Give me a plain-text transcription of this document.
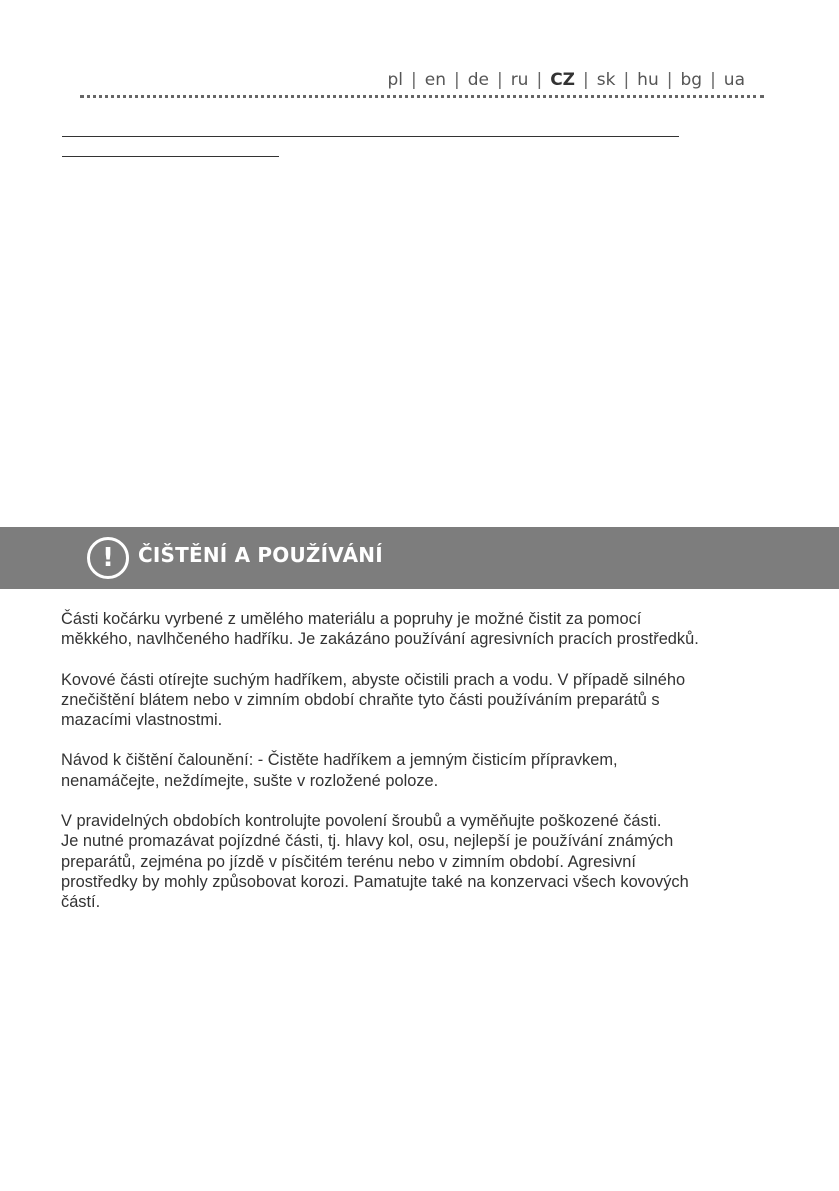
pl | en | de | ru | CZ | sk | hu | bg | ua
!	ČIŠTĚNÍ A POUŽÍVÁNÍ

Části kočárku vyrbené z umělého materiálu a popruhy je možné čistit za pomocí
měkkého, navlhčeného hadříku. Je zakázáno používání agresivních pracích prostředků.

Kovové části otírejte suchým hadříkem, abyste očistili prach a vodu. V případě silného
znečištění blátem nebo v zimním období chraňte tyto části používáním preparátů s
mazacími vlastnostmi.

Návod k čištění čalounění: - Čistěte hadříkem a jemným čisticím přípravkem,
nenamáčejte, neždímejte, sušte v rozložené poloze.

V pravidelných obdobích kontrolujte povolení šroubů a vyměňujte poškozené části.
Je nutné promazávat pojízdné části, tj. hlavy kol, osu, nejlepší je používání známých
preparátů, zejména po jízdě v písčitém terénu nebo v zimním období. Agresivní
prostředky by mohly způsobovat korozi. Pamatujte také na konzervaci všech kovových
částí.
